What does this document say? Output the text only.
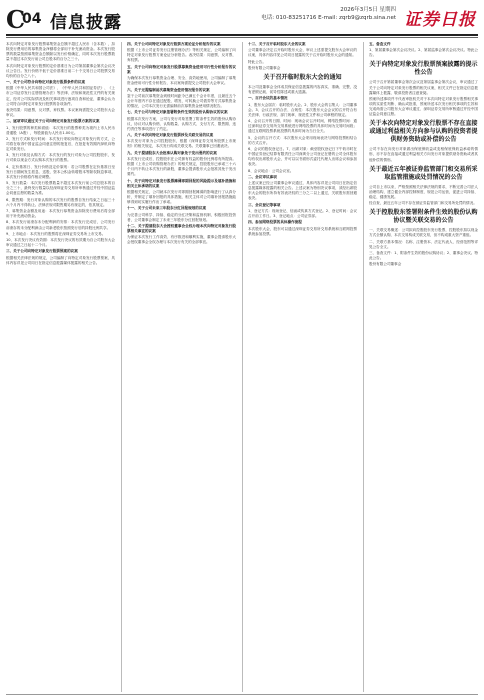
C
04 信息披露
2026年3月5日 星期四
电话: 010-83251716 E-mail: zqrb9@zqrb.sina.net 证券日报

本次向特定对象发行股票募集资金总额不超过人民币（含本数），扣除发行费用后的募集资金净额将全部用于补充流动资金。本次发行股票的数量按照募集资金总额除以发行价格确定，同时本次发行股票数量不超过本次发行前公司总股本的百分之三十。

本次向特定对象发行股票的定价基准日为公司第届董事会第次会议决议公告日。发行价格不低于定价基准日前二十个交易日公司股票交易均价的百分之八十。

一、关于公司符合向特定对象发行股票条件的议案

根据《中华人民共和国公司法》、《中华人民共和国证券法》、《上市公司证券发行注册管理办法》等法律、法规和规范性文件的有关规定，经对公司实际情况及相关事项进行逐项自查和论证，董事会认为公司符合向特定对象发行股票的各项条件。

表决结果：同意票，反对票，弃权票。本议案尚需提交公司股东大会审议。

二、逐项审议通过关于公司向特定对象发行股票方案的议案

1、发行股票的种类和面值：本次发行的股票种类为境内上市人民币普通股（A股），每股面值为人民币1.00元。

2、发行方式和发行时间：本次发行采取向特定对象发行的方式，公司将在取得中国证监会同意注册的批复后，在批复有效期内择机向特定对象发行。

3、发行对象及认购方式：本次发行的发行对象为公司控股股东，发行对象以现金方式认购本次发行的股票。

4、定价基准日、发行价格及定价原则：若公司股票在定价基准日至发行日期间发生派息、送股、资本公积金转增股本等除权除息事项，本次发行价格将作相应调整。

5、发行数量：本次发行股票数量不超过本次发行前公司总股本的百分之三十，最终发行数量以经深圳证券交易所审核通过并经中国证监会同意注册的数量为准。

6、限售期：发行对象认购的本次发行的股票自发行结束之日起三十六个月内不得转让。法律法规对限售期另有规定的，依其规定。

7、募集资金金额及用途：本次发行募集资金扣除发行费用后将全部用于补充流动资金。

8、本次发行前滚存未分配利润的安排：本次发行完成后，公司发行前滚存的未分配利润由公司新老股东按照发行后的持股比例共享。

9、上市地点：本次发行的股票将在深圳证券交易所上市交易。

10、本次发行决议有效期：本次发行决议的有效期为自公司股东大会审议通过之日起十二个月。

三、关于公司向特定对象发行股票预案的议案

根据相关法律法规的规定，公司编制了向特定对象发行股票预案，具体内容详见公司同日在指定信息披露媒体披露的相关公告。

四、关于公司向特定对象发行股票方案论证分析报告的议案

根据《上市公司证券发行注册管理办法》等相关规定，公司编制了向特定对象发行股票方案论证分析报告。表决结果：同意票，反对票，弃权票。

五、关于公司向特定对象发行股票募集资金使用可行性分析报告的议案

为确保本次发行募集资金合理、安全、高效地使用，公司编制了募集资金使用可行性分析报告，本议案尚需提交公司股东大会审议。

六、关于无需编制前次募集资金使用情况报告的议案

鉴于公司前次募集资金到账时间距今已满五个会计年度，且最近五个会计年度内不存在通过配股、增发、可转换公司债券等方式募集资金的情况，公司本次发行无需编制前次募集资金使用情况报告。

七、关于公司与特定对象签署附条件生效的股份认购协议的议案

根据本次发行方案，公司与发行对象签署了附条件生效的股份认购协议，协议对认购价格、认购数量、认购方式、支付方式、限售期、违约责任等事项进行了约定。

八、关于本次向特定对象发行股票涉及关联交易的议案

本次发行对象为公司控股股东，根据《深圳证券交易所股票上市规则》的相关规定，本次发行构成关联交易。关联董事已回避表决。

九、关于提请股东大会批准认购对象免于发出要约的议案

本次发行完成后，控股股东在公司拥有权益的股份比例将有所提高。根据《上市公司收购管理办法》的相关规定，控股股东已承诺三十六个月内不转让本次发行的新股，董事会提请股东大会批准其免于发出要约。

十、关于向特定对象发行股票摊薄即期回报的风险提示及填补措施和相关主体承诺的议案

根据相关规定，公司就本次发行对即期回报摊薄的影响进行了认真分析，并制定了填补回报的具体措施，相关主体对公司填补回报措施能够得到切实履行作出了承诺。

十一、关于公司未来三年股东分红回报规划的议案

为完善公司科学、持续、稳定的分红决策和监督机制，积极回报投资者，公司董事会制定了未来三年股东分红回报规划。

十二、关于提请股东大会授权董事会全权办理本次向特定对象发行股票相关事宜的议案

为保证本次发行工作高效、有序推进和顺利实施，董事会提请股东大会授权董事会全权办理与本次发行有关的全部事宜。

十三、关于召开临时股东大会的议案

公司董事会决定召开临时股东大会，审议上述需提交股东大会审议的议案，具体内容详见公司同日披露的关于召开临时股东大会的通知。

特此公告。

股份有限公司董事会

关于召开临时股东大会的通知

本公司及董事会全体成员保证信息披露的内容真实、准确、完整，没有虚假记载、误导性陈述或重大遗漏。

一、召开会议的基本情况

1、股东大会届次：临时股东大会。2、股东大会的召集人：公司董事会。3、会议召开的合法、合规性：本次股东大会会议的召开符合有关法律、行政法规、部门规章、规范性文件和公司章程的规定。

4、会议召开的日期、时间：现场会议召开时间，网络投票时间：通过深圳证券交易所交易系统进行网络投票的具体时间为交易时间段；通过互联网投票系统投票的具体时间为当日全天。

5、会议的召开方式：本次股东大会采用现场表决与网络投票相结合的方式召开。

6、会议的股权登记日。7、出席对象：截至股权登记日下午收市时在中国证券登记结算有限责任公司深圳分公司登记在册的公司全体股东均有权出席股东大会，并可以以书面形式委托代理人出席会议和参加表决。

8、会议地点：公司会议室。

二、会议审议事项

上述议案已经公司董事会审议通过，具体内容详见公司同日在指定信息披露媒体披露的相关公告。上述议案为特别决议事项，须经出席股东大会的股东所持有效表决权的三分之二以上通过，关联股东需回避表决。

三、会议登记等事项

1、登记方式：现场登记、信函或传真方式登记。2、登记时间：会议召开前工作日。3、登记地点：公司证券部。

四、参加网络投票的具体操作流程

本次股东大会，股东可以通过深圳证券交易所交易系统和互联网投票系统参加投票。

五、备查文件

1、第届董事会第次会议决议。2、第届监事会第次会议决议。特此公告。

关于向特定对象发行股票预案披露的提示性公告

公司于召开第届董事会第次会议及第届监事会第次会议，审议通过了关于公司向特定对象发行股票的相关议案，相关文件已在指定信息披露媒体上披露，敬请投资者注意查阅。

预案所述事项并不代表审批机关对于本次向特定对象发行股票相关事项的实质性判断、确认或批准，预案所述本次发行相关事项的生效和完成尚需公司股东大会审议通过、深圳证券交易所审核通过并经中国证监会同意注册。

关于本次向特定对象发行股票不存在直接或通过利益相关方向参与认购的投资者提供财务资助或补偿的公告

公司不存在向发行对象做出保底保收益或变相保底保收益承诺的情形，亦不存在直接或通过利益相关方向发行对象提供财务资助或者其他补偿的情形。

关于最近五年被证券监管部门和交易所采取监管措施或处罚情况的公告

公司自上市以来，严格按照相关法律法规的要求，不断完善公司法人治理结构，建立健全内部控制制度，规范公司运营，促进公司持续、稳定、健康发展。

经自查，最近五年公司不存在被证券监管部门和交易所处罚的情况。

关于控股股东签署附条件生效的股份认购协议暨关联交易的公告

一、关联交易概述：公司拟向控股股东发行股票，控股股东拟以现金方式全额认购，本次交易构成关联交易，但不构成重大资产重组。

二、关联方基本情况：名称、注册资本、法定代表人、经营范围等详见公告全文。

三、备查文件：1、附条件生效的股份认购协议；2、董事会决议。特此公告。

股份有限公司董事会
